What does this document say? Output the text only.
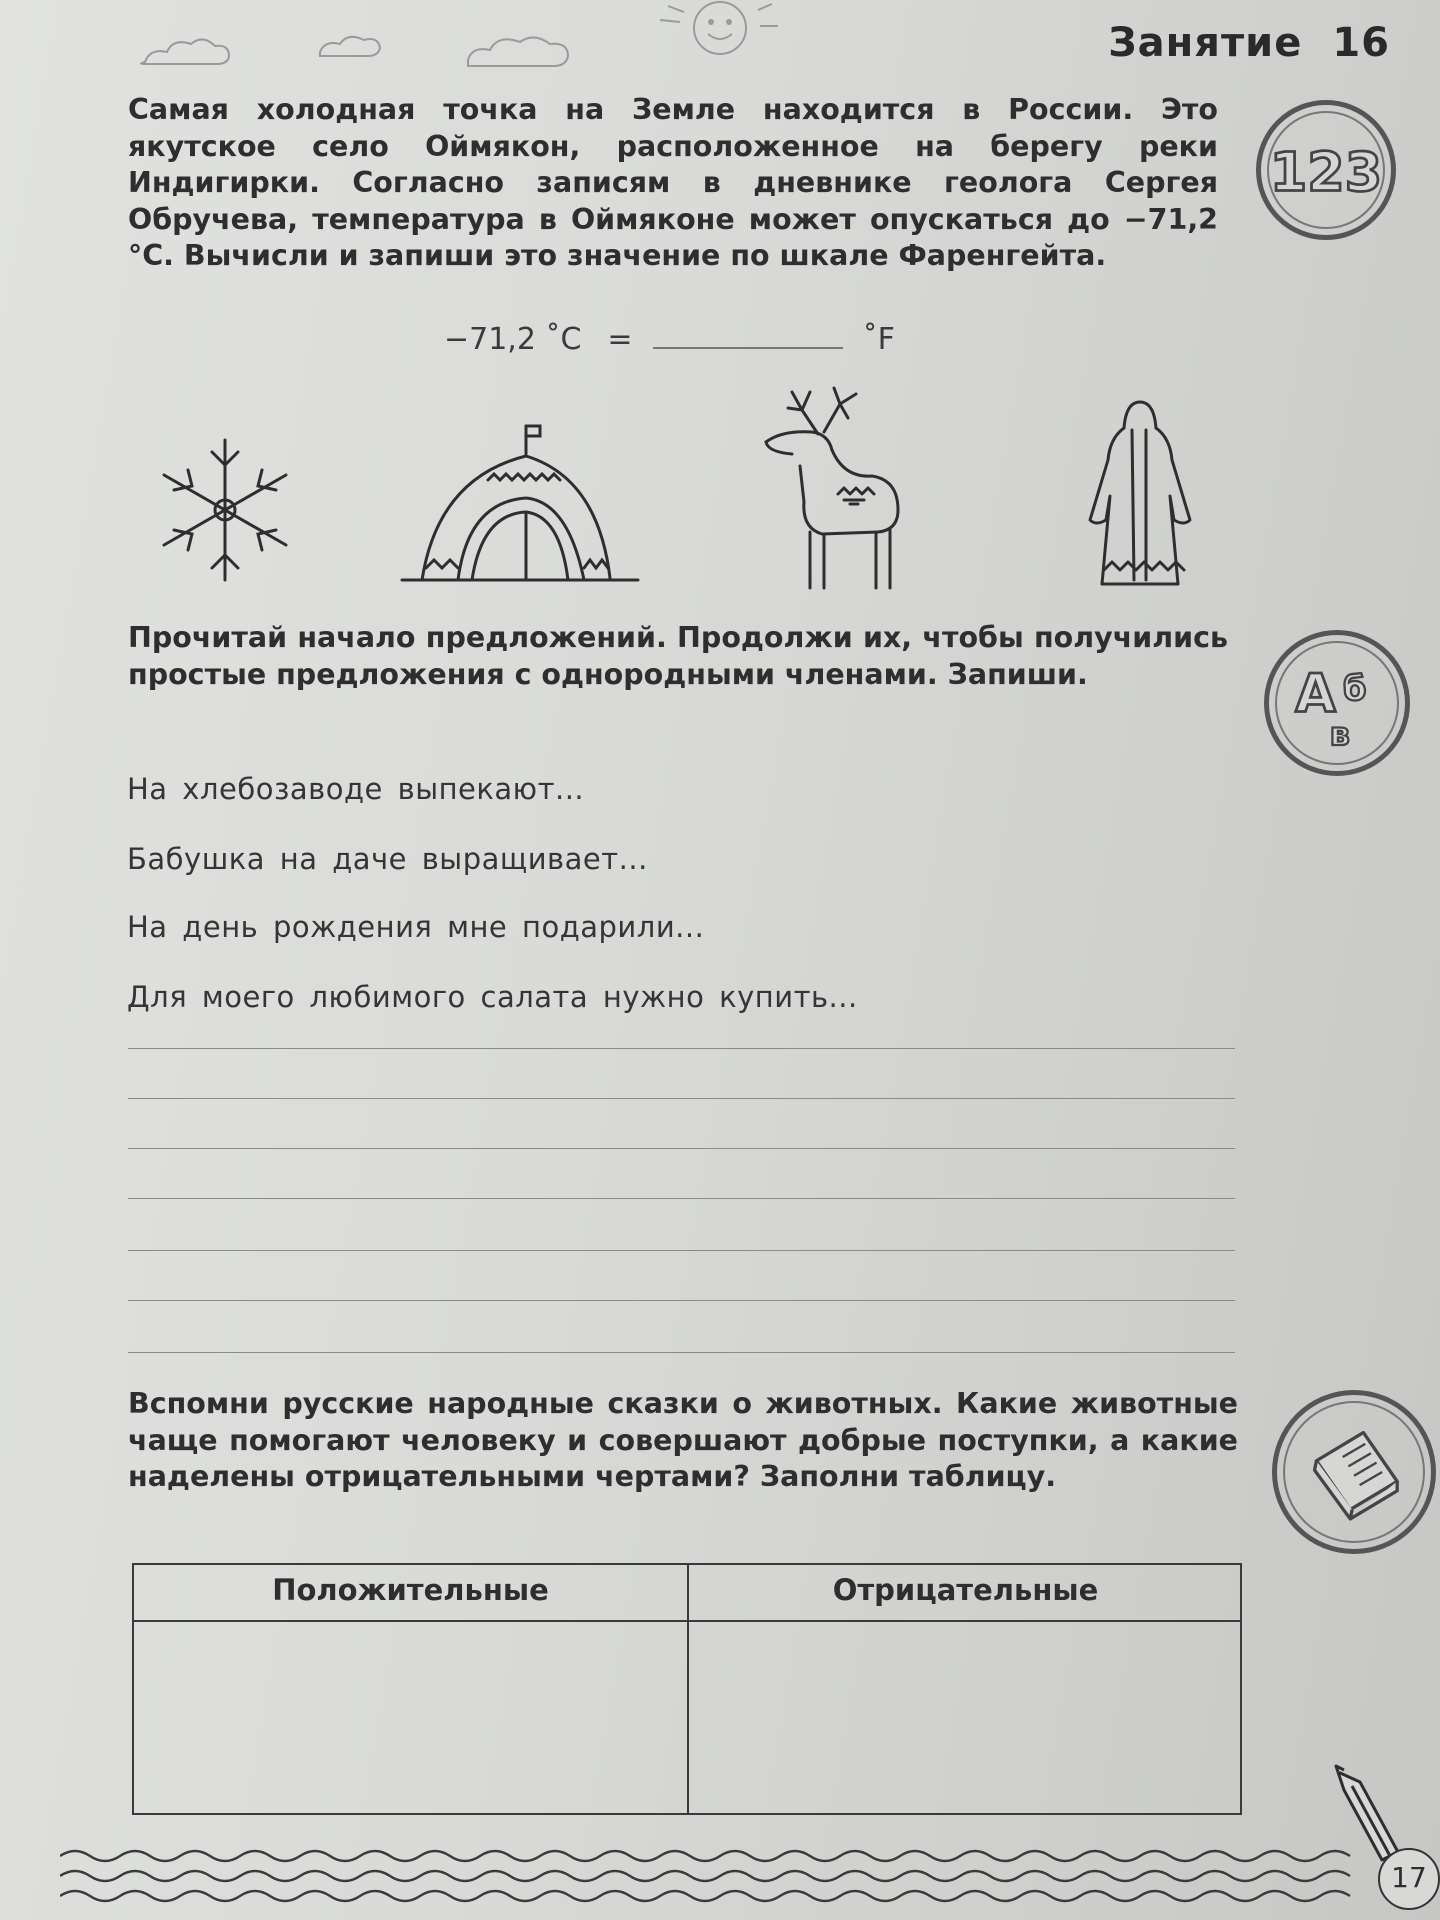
Занятие 16
Самая холодная точка на Земле находится в России. Это якутское село Оймякон, расположенное на берегу реки Индигирки. Согласно записям в дневнике геолога Сергея Обручева, температура в Оймяконе может опускаться до −71,2 °С. Вычисли и запиши это значение по шкале Фаренгейта.
123
−71,2 ˚С =	˚F
Прочитай начало предложений. Продолжи их, чтобы получились простые предложения с однородными членами. Запиши.	А б
в
На хлебозаводе выпекают...
Бабушка на даче выращивает...
На день рождения мне подарили...
Для моего любимого салата нужно купить...
Вспомни русские народные сказки о животных. Какие животные чаще помогают человеку и совершают добрые поступки, а какие наделены отрицательными чертами? Заполни таблицу.
Положительные	Отрицательные
17
